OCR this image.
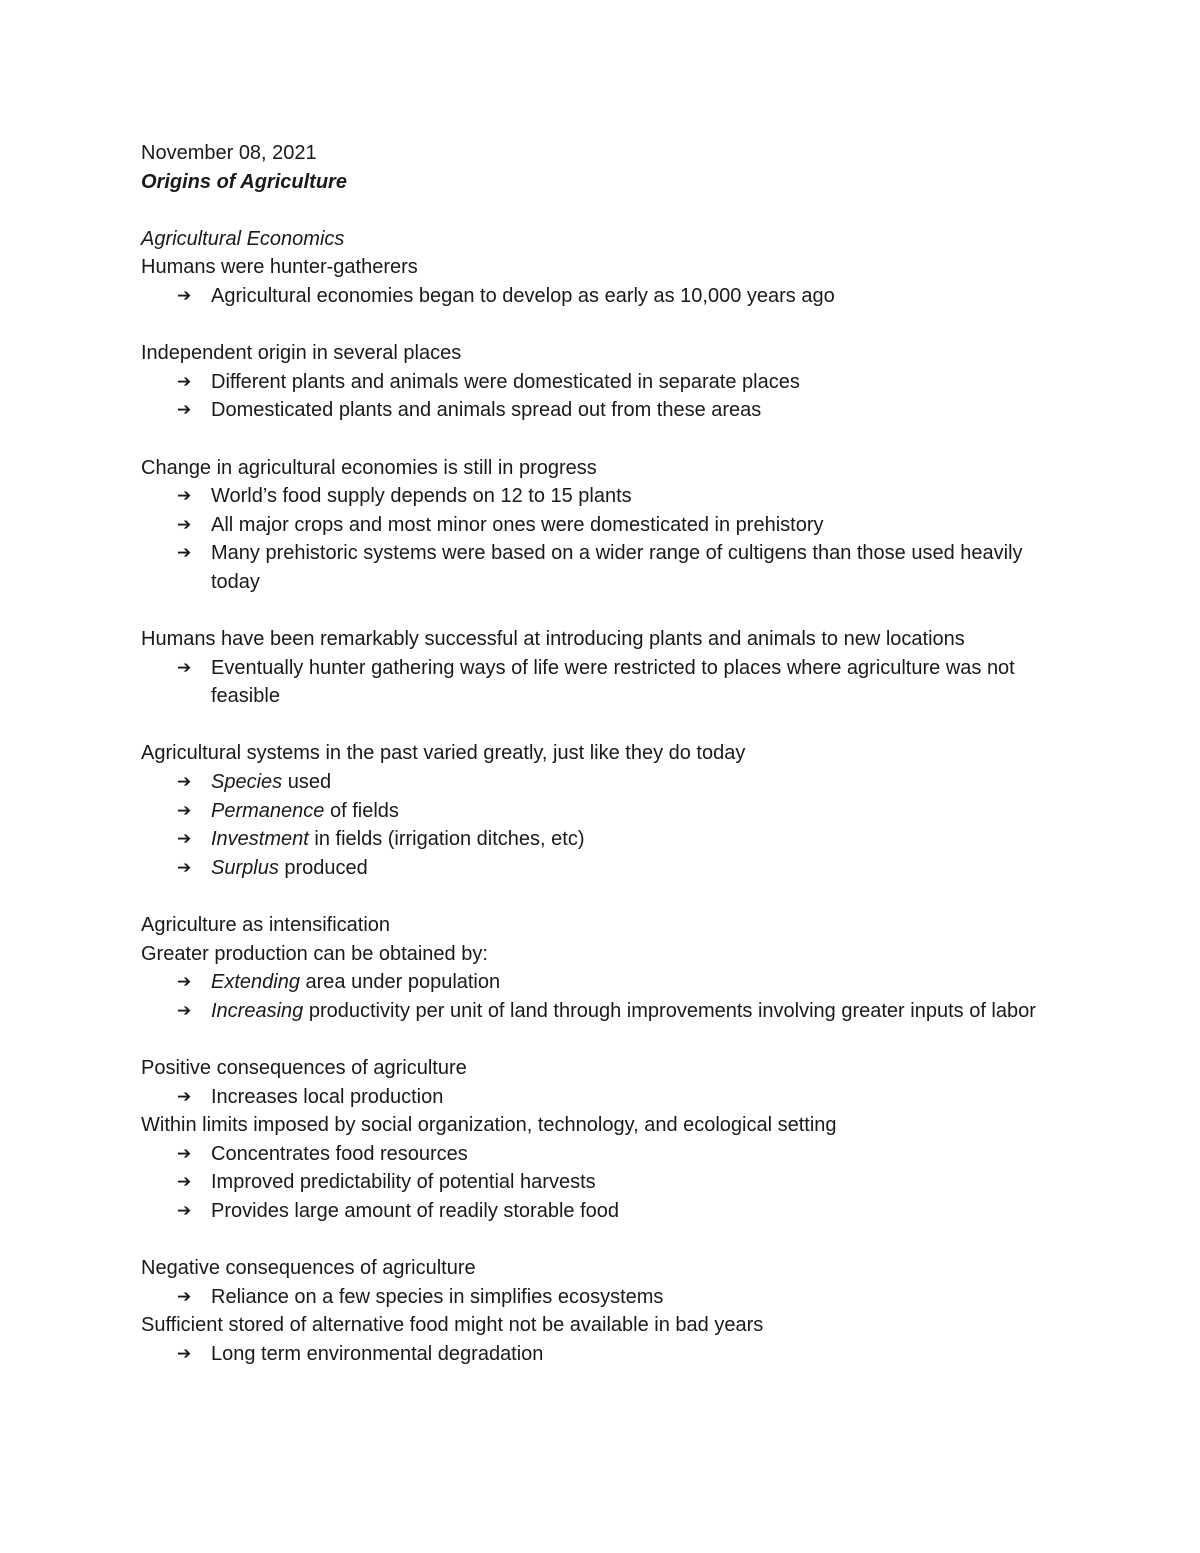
November 08, 2021
Origins of Agriculture
Agricultural Economics
Humans were hunter-gatherers
➔ Agricultural economies began to develop as early as 10,000 years ago
Independent origin in several places
➔ Different plants and animals were domesticated in separate places
➔ Domesticated plants and animals spread out from these areas
Change in agricultural economies is still in progress
➔ World’s food supply depends on 12 to 15 plants
➔ All major crops and most minor ones were domesticated in prehistory
➔ Many prehistoric systems were based on a wider range of cultigens than those used heavily today
Humans have been remarkably successful at introducing plants and animals to new locations
➔ Eventually hunter gathering ways of life were restricted to places where agriculture was not feasible
Agricultural systems in the past varied greatly, just like they do today
➔ Species used
➔ Permanence of fields
➔ Investment in fields (irrigation ditches, etc)
➔ Surplus produced
Agriculture as intensification
Greater production can be obtained by:
➔ Extending area under population
➔ Increasing productivity per unit of land through improvements involving greater inputs of labor
Positive consequences of agriculture
➔ Increases local production
Within limits imposed by social organization, technology, and ecological setting
➔ Concentrates food resources
➔ Improved predictability of potential harvests
➔ Provides large amount of readily storable food
Negative consequences of agriculture
➔ Reliance on a few species in simplifies ecosystems
Sufficient stored of alternative food might not be available in bad years
➔ Long term environmental degradation
